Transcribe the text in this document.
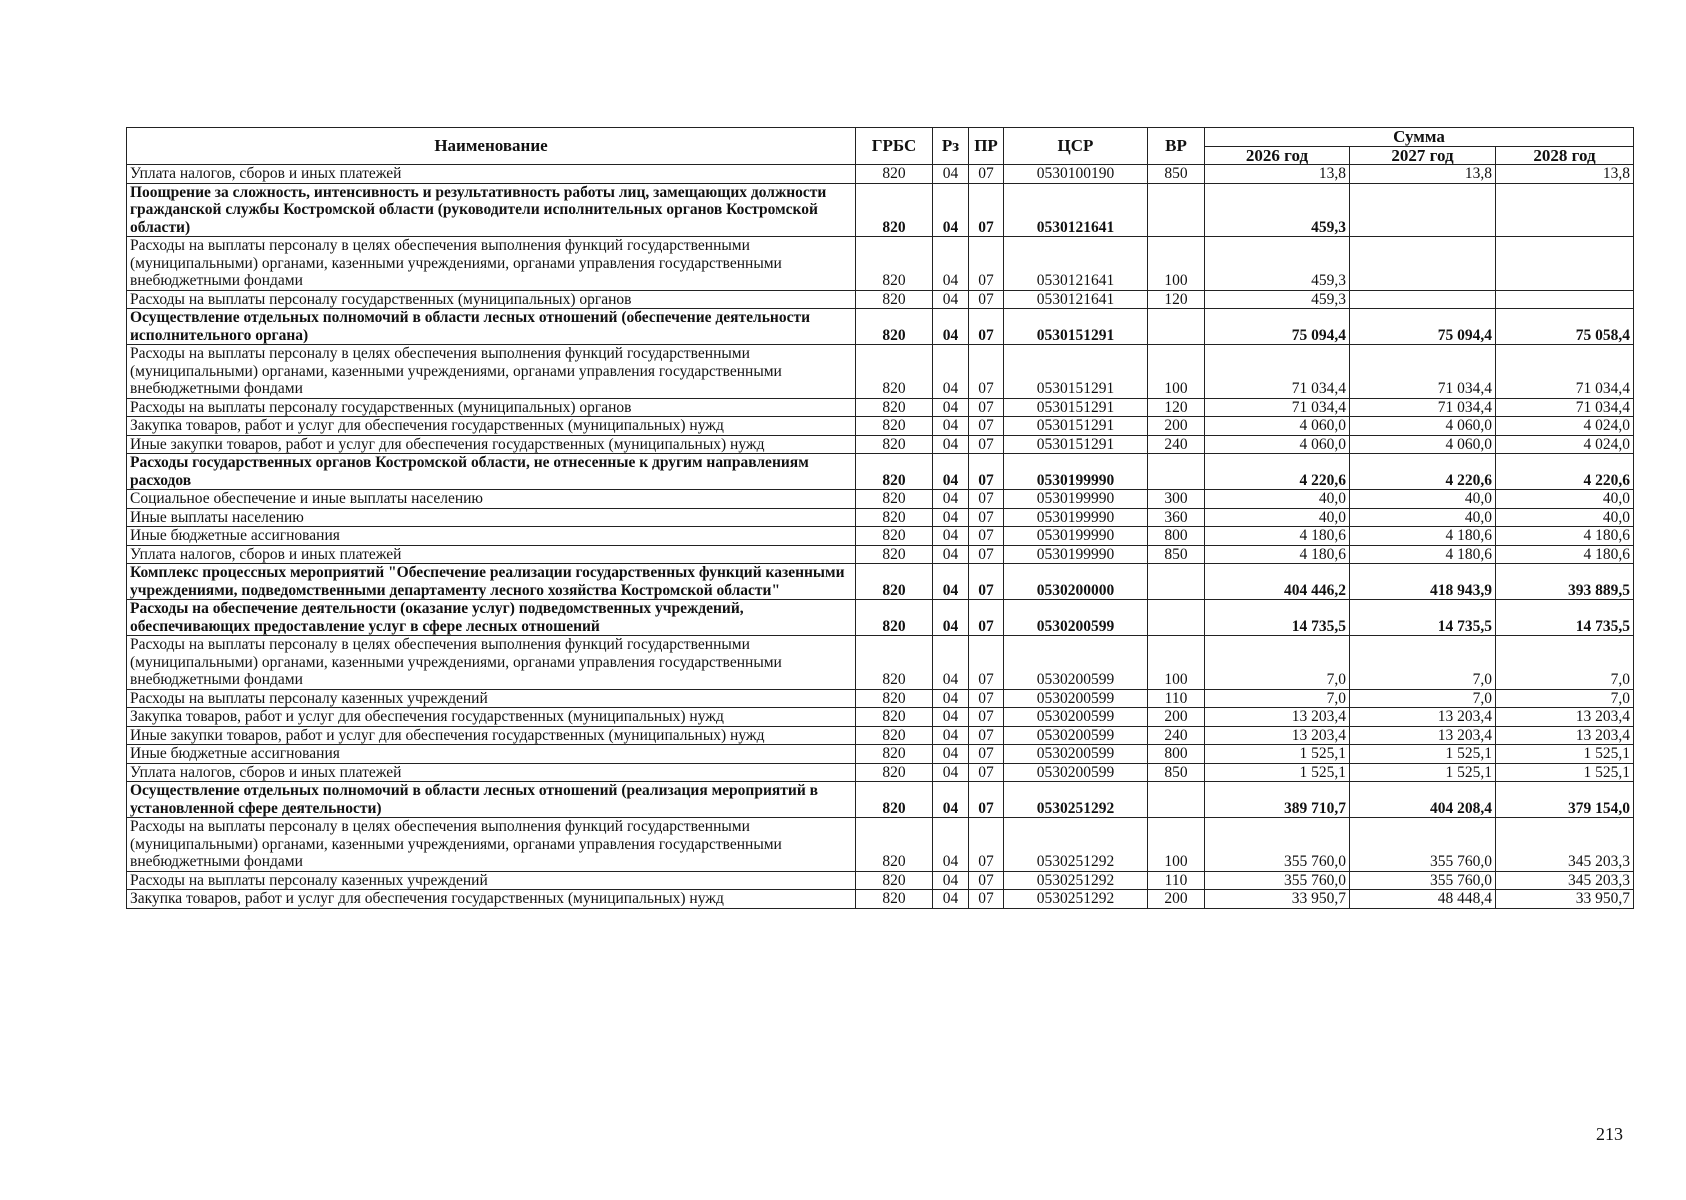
Наименование	ГРБС	Рз	ПР	ЦСР	ВР	Сумма		
						2026 год	2027 год	2028 год
Уплата налогов, сборов и иных платежей	820	04	07	0530100190	850	13,8	13,8	13,8
Поощрение за сложность, интенсивность и результативность работы лиц, замещающих должности гражданской службы Костромской области (руководители исполнительных органов Костромской области)	820	04	07	0530121641		459,3		
Расходы на выплаты персоналу в целях обеспечения выполнения функций государственными (муниципальными) органами, казенными учреждениями, органами управления государственными внебюджетными фондами	820	04	07	0530121641	100	459,3		
Расходы на выплаты персоналу государственных (муниципальных) органов	820	04	07	0530121641	120	459,3		
Осуществление отдельных полномочий в области лесных отношений (обеспечение деятельности исполнительного органа)	820	04	07	0530151291		75 094,4	75 094,4	75 058,4
Расходы на выплаты персоналу в целях обеспечения выполнения функций государственными (муниципальными) органами, казенными учреждениями, органами управления государственными внебюджетными фондами	820	04	07	0530151291	100	71 034,4	71 034,4	71 034,4
Расходы на выплаты персоналу государственных (муниципальных) органов	820	04	07	0530151291	120	71 034,4	71 034,4	71 034,4
Закупка товаров, работ и услуг для обеспечения государственных (муниципальных) нужд	820	04	07	0530151291	200	4 060,0	4 060,0	4 024,0
Иные закупки товаров, работ и услуг для обеспечения государственных (муниципальных) нужд	820	04	07	0530151291	240	4 060,0	4 060,0	4 024,0
Расходы государственных органов Костромской области, не отнесенные к другим направлениям расходов	820	04	07	0530199990		4 220,6	4 220,6	4 220,6
Социальное обеспечение и иные выплаты населению	820	04	07	0530199990	300	40,0	40,0	40,0
Иные выплаты населению	820	04	07	0530199990	360	40,0	40,0	40,0
Иные бюджетные ассигнования	820	04	07	0530199990	800	4 180,6	4 180,6	4 180,6
Уплата налогов, сборов и иных платежей	820	04	07	0530199990	850	4 180,6	4 180,6	4 180,6
Комплекс процессных мероприятий "Обеспечение реализации государственных функций казенными учреждениями, подведомственными департаменту лесного хозяйства Костромской области"	820	04	07	0530200000		404 446,2	418 943,9	393 889,5
Расходы на обеспечение деятельности (оказание услуг) подведомственных учреждений, обеспечивающих предоставление услуг в сфере лесных отношений	820	04	07	0530200599		14 735,5	14 735,5	14 735,5
Расходы на выплаты персоналу в целях обеспечения выполнения функций государственными (муниципальными) органами, казенными учреждениями, органами управления государственными внебюджетными фондами	820	04	07	0530200599	100	7,0	7,0	7,0
Расходы на выплаты персоналу казенных учреждений	820	04	07	0530200599	110	7,0	7,0	7,0
Закупка товаров, работ и услуг для обеспечения государственных (муниципальных) нужд	820	04	07	0530200599	200	13 203,4	13 203,4	13 203,4
Иные закупки товаров, работ и услуг для обеспечения государственных (муниципальных) нужд	820	04	07	0530200599	240	13 203,4	13 203,4	13 203,4
Иные бюджетные ассигнования	820	04	07	0530200599	800	1 525,1	1 525,1	1 525,1
Уплата налогов, сборов и иных платежей	820	04	07	0530200599	850	1 525,1	1 525,1	1 525,1
Осуществление отдельных полномочий в области лесных отношений (реализация мероприятий в установленной сфере деятельности)	820	04	07	0530251292		389 710,7	404 208,4	379 154,0
Расходы на выплаты персоналу в целях обеспечения выполнения функций государственными (муниципальными) органами, казенными учреждениями, органами управления государственными внебюджетными фондами	820	04	07	0530251292	100	355 760,0	355 760,0	345 203,3
Расходы на выплаты персоналу казенных учреждений	820	04	07	0530251292	110	355 760,0	355 760,0	345 203,3
Закупка товаров, работ и услуг для обеспечения государственных (муниципальных) нужд	820	04	07	0530251292	200	33 950,7	48 448,4	33 950,7
213
